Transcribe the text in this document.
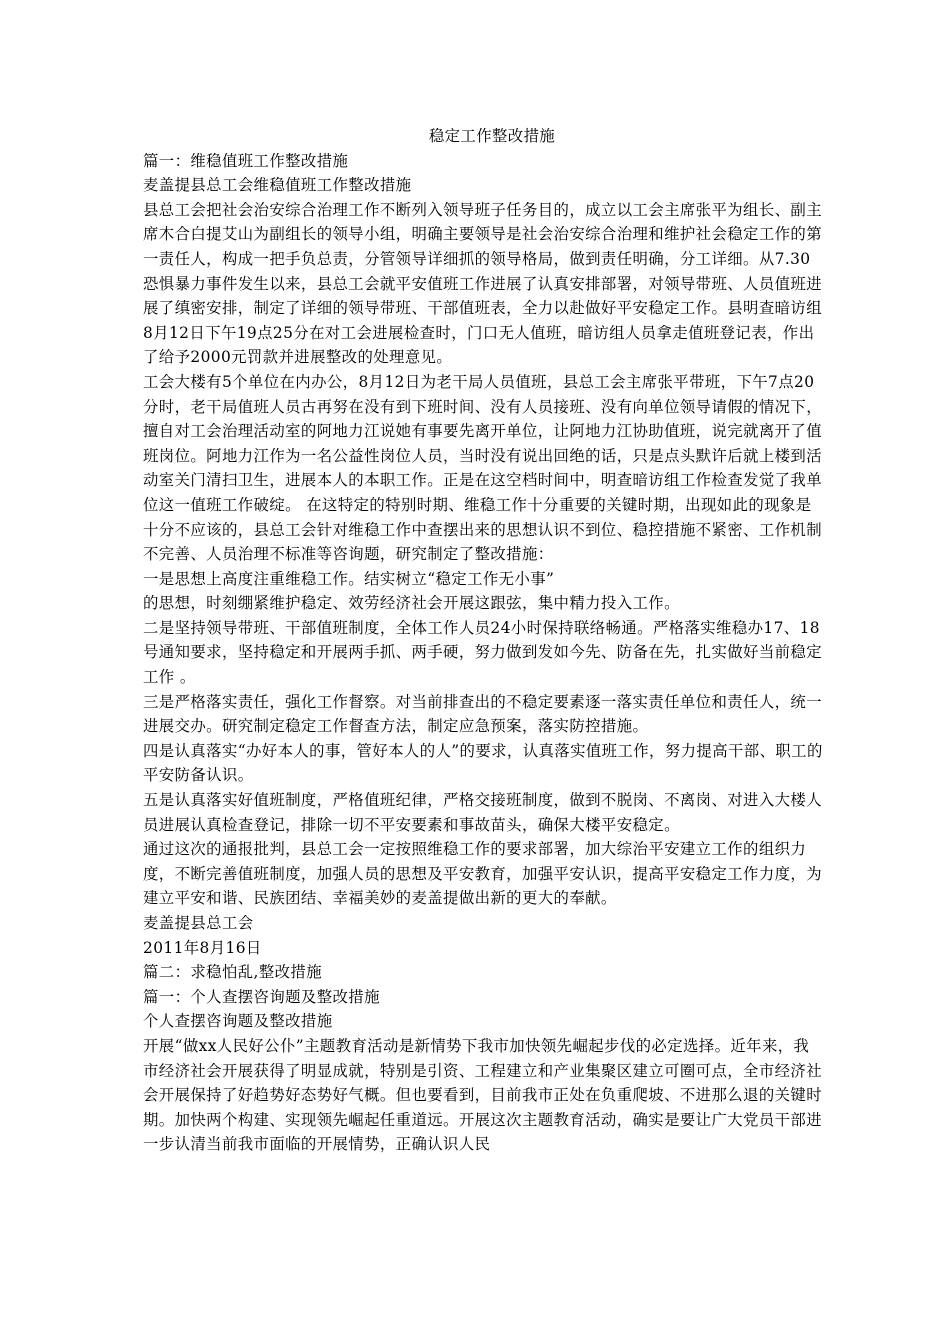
稳定工作整改措施

篇一：维稳值班工作整改措施

麦盖提县总工会维稳值班工作整改措施

县总工会把社会治安综合治理工作不断列入领导班子任务目的，成立以工会主席张平为组长、副主席木合白提艾山为副组长的领导小组，明确主要领导是社会治安综合治理和维护社会稳定工作的第一责任人，构成一把手负总责，分管领导详细抓的领导格局，做到责任明确，分工详细。从7.30恐惧暴力事件发生以来，县总工会就平安值班工作进展了认真安排部署，对领导带班、人员值班进展了缜密安排，制定了详细的领导带班、干部值班表，全力以赴做好平安稳定工作。县明查暗访组8月12日下午19点25分在对工会进展检查时，门口无人值班，暗访组人员拿走值班登记表，作出了给予2000元罚款并进展整改的处理意见。

工会大楼有5个单位在内办公，8月12日为老干局人员值班，县总工会主席张平带班，下午7点20分时，老干局值班人员古再努在没有到下班时间、没有人员接班、没有向单位领导请假的情况下，擅自对工会治理活动室的阿地力江说她有事要先离开单位，让阿地力江协助值班，说完就离开了值班岗位。阿地力江作为一名公益性岗位人员，当时没有说出回绝的话，只是点头默许后就上楼到活动室关门清扫卫生，进展本人的本职工作。正是在这空档时间中，明查暗访组工作检查发觉了我单位这一值班工作破绽。 在这特定的特别时期、维稳工作十分重要的关键时期，出现如此的现象是十分不应该的，县总工会针对维稳工作中查摆出来的思想认识不到位、稳控措施不紧密、工作机制不完善、人员治理不标准等咨询题，研究制定了整改措施：

一是思想上高度注重维稳工作。结实树立“稳定工作无小事”

的思想，时刻绷紧维护稳定、效劳经济社会开展这跟弦，集中精力投入工作。

二是坚持领导带班、干部值班制度，全体工作人员24小时保持联络畅通。严格落实维稳办17、18号通知要求，坚持稳定和开展两手抓、两手硬，努力做到发如今先、防备在先，扎实做好当前稳定工作 。

三是严格落实责任，强化工作督察。对当前排查出的不稳定要素逐一落实责任单位和责任人，统一进展交办。研究制定稳定工作督查方法，制定应急预案，落实防控措施。

四是认真落实“办好本人的事，管好本人的人”的要求，认真落实值班工作，努力提高干部、职工的平安防备认识。

五是认真落实好值班制度，严格值班纪律，严格交接班制度，做到不脱岗、不离岗、对进入大楼人员进展认真检查登记，排除一切不平安要素和事故苗头，确保大楼平安稳定。

通过这次的通报批判，县总工会一定按照维稳工作的要求部署，加大综治平安建立工作的组织力度，不断完善值班制度，加强人员的思想及平安教育，加强平安认识，提高平安稳定工作力度，为建立平安和谐、民族团结、幸福美妙的麦盖提做出新的更大的奉献。

麦盖提县总工会

2011年8月16日

篇二：求稳怕乱,整改措施

篇一：个人查摆咨询题及整改措施

个人查摆咨询题及整改措施

开展“做xx人民好公仆”主题教育活动是新情势下我市加快领先崛起步伐的必定选择。近年来，我市经济社会开展获得了明显成就，特别是引资、工程建立和产业集聚区建立可圈可点，全市经济社会开展保持了好趋势好态势好气概。但也要看到，目前我市正处在负重爬坡、不进那么退的关键时期。加快两个构建、实现领先崛起任重道远。开展这次主题教育活动，确实是要让广大党员干部进一步认清当前我市面临的开展情势，正确认识人民
